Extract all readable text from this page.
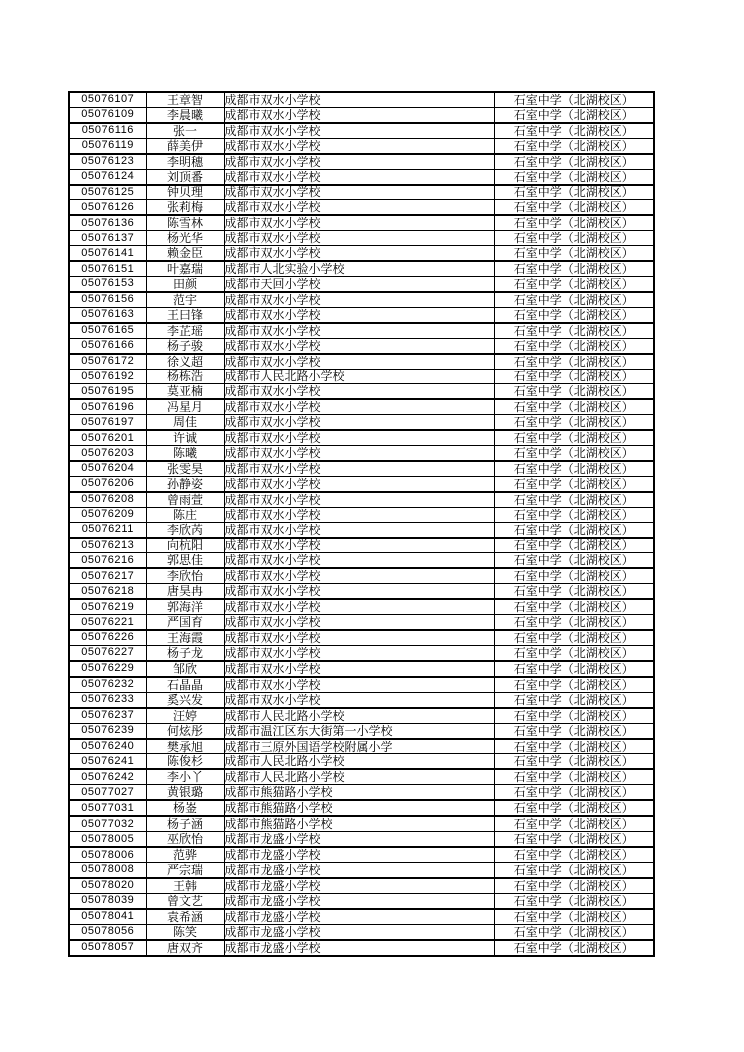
05076107	王章智	成都市双水小学校	石室中学（北湖校区）
05076109	李晨曦	成都市双水小学校	石室中学（北湖校区）
05076116	张一	成都市双水小学校	石室中学（北湖校区）
05076119	薛美伊	成都市双水小学校	石室中学（北湖校区）
05076123	李明穗	成都市双水小学校	石室中学（北湖校区）
05076124	刘顶番	成都市双水小学校	石室中学（北湖校区）
05076125	钟贝理	成都市双水小学校	石室中学（北湖校区）
05076126	张莉梅	成都市双水小学校	石室中学（北湖校区）
05076136	陈雪林	成都市双水小学校	石室中学（北湖校区）
05076137	杨光华	成都市双水小学校	石室中学（北湖校区）
05076141	赖金臣	成都市双水小学校	石室中学（北湖校区）
05076151	叶嘉瑞	成都市人北实验小学校	石室中学（北湖校区）
05076153	田颜	成都市天回小学校	石室中学（北湖校区）
05076156	范宇	成都市双水小学校	石室中学（北湖校区）
05076163	王曰锋	成都市双水小学校	石室中学（北湖校区）
05076165	李芷瑶	成都市双水小学校	石室中学（北湖校区）
05076166	杨子骏	成都市双水小学校	石室中学（北湖校区）
05076172	徐义超	成都市双水小学校	石室中学（北湖校区）
05076192	杨栋浩	成都市人民北路小学校	石室中学（北湖校区）
05076195	莫亚楠	成都市双水小学校	石室中学（北湖校区）
05076196	冯星月	成都市双水小学校	石室中学（北湖校区）
05076197	周佳	成都市双水小学校	石室中学（北湖校区）
05076201	许诚	成都市双水小学校	石室中学（北湖校区）
05076203	陈曦	成都市双水小学校	石室中学（北湖校区）
05076204	张雯昊	成都市双水小学校	石室中学（北湖校区）
05076206	孙静姿	成都市双水小学校	石室中学（北湖校区）
05076208	曾雨萱	成都市双水小学校	石室中学（北湖校区）
05076209	陈庄	成都市双水小学校	石室中学（北湖校区）
05076211	李欣芮	成都市双水小学校	石室中学（北湖校区）
05076213	向杭阳	成都市双水小学校	石室中学（北湖校区）
05076216	郭思佳	成都市双水小学校	石室中学（北湖校区）
05076217	李欣怡	成都市双水小学校	石室中学（北湖校区）
05076218	唐昊冉	成都市双水小学校	石室中学（北湖校区）
05076219	郭海洋	成都市双水小学校	石室中学（北湖校区）
05076221	严国育	成都市双水小学校	石室中学（北湖校区）
05076226	王海霞	成都市双水小学校	石室中学（北湖校区）
05076227	杨子龙	成都市双水小学校	石室中学（北湖校区）
05076229	邹欣	成都市双水小学校	石室中学（北湖校区）
05076232	石晶晶	成都市双水小学校	石室中学（北湖校区）
05076233	奚兴发	成都市双水小学校	石室中学（北湖校区）
05076237	汪婷	成都市人民北路小学校	石室中学（北湖校区）
05076239	何炫彤	成都市温江区东大街第一小学校	石室中学（北湖校区）
05076240	樊承旭	成都市三原外国语学校附属小学	石室中学（北湖校区）
05076241	陈俊杉	成都市人民北路小学校	石室中学（北湖校区）
05076242	李小丫	成都市人民北路小学校	石室中学（北湖校区）
05077027	黄银璐	成都市熊猫路小学校	石室中学（北湖校区）
05077031	杨崟	成都市熊猫路小学校	石室中学（北湖校区）
05077032	杨子涵	成都市熊猫路小学校	石室中学（北湖校区）
05078005	巫欣怡	成都市龙盛小学校	石室中学（北湖校区）
05078006	范骅	成都市龙盛小学校	石室中学（北湖校区）
05078008	严宗瑞	成都市龙盛小学校	石室中学（北湖校区）
05078020	王韩	成都市龙盛小学校	石室中学（北湖校区）
05078039	曾文艺	成都市龙盛小学校	石室中学（北湖校区）
05078041	袁希涵	成都市龙盛小学校	石室中学（北湖校区）
05078056	陈笑	成都市龙盛小学校	石室中学（北湖校区）
05078057	唐双齐	成都市龙盛小学校	石室中学（北湖校区）
